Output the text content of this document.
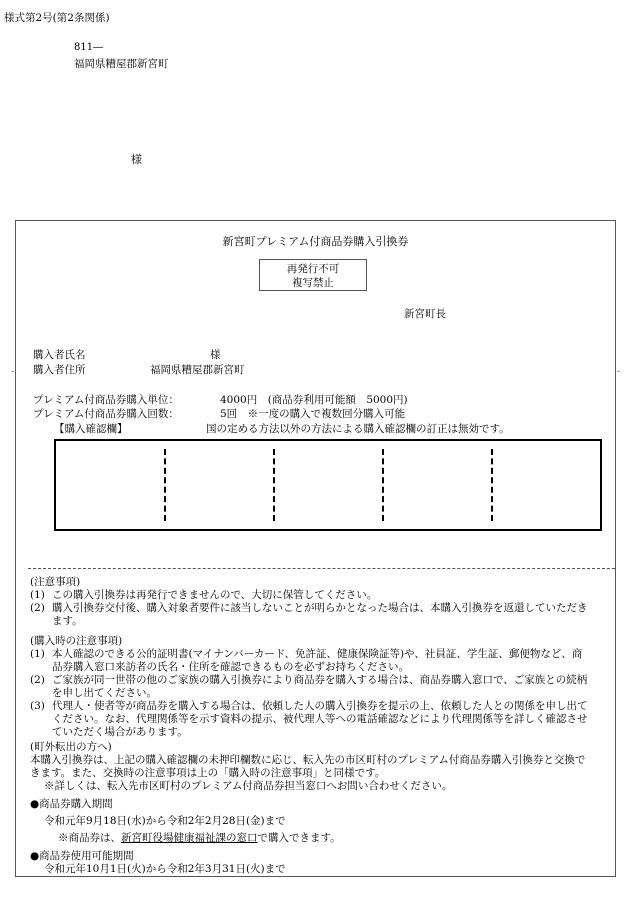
様式第2号(第2条関係)
811―
福岡県糟屋郡新宮町
様
新宮町プレミアム付商品券購入引換券
再発行不可
複写禁止
新宮町長
-	-
購入者氏名	様
購入者住所	福岡県糟屋郡新宮町
プレミアム付商品券購入単位：	4000円　(商品券利用可能額　5000円)
プレミアム付商品券購入回数：	5回　※一度の購入で複数回分購入可能
【購入確認欄】	国の定める方法以外の方法による購入確認欄の訂正は無効です。
(注意事項)
(1) この購入引換券は再発行できませんので、大切に保管してください。
(2) 購入引換券交付後、購入対象者要件に該当しないことが明らかとなった場合は、本購入引換券を返還していただきます。
(購入時の注意事項)
(1) 本人確認のできる公的証明書(マイナンバーカード、免許証、健康保険証等)や、社員証、学生証、郵便物など、商品券購入窓口来訪者の氏名・住所を確認できるものを必ずお持ちください。
(2) ご家族が同一世帯の他のご家族の購入引換券により商品券を購入する場合は、商品券購入窓口で、ご家族との続柄を申し出てください。
(3) 代理人・使者等が商品券を購入する場合は、依頼した人の購入引換券を提示の上、依頼した人との関係を申し出てください。なお、代理関係等を示す資料の提示、被代理人等への電話確認などにより代理関係等を詳しく確認させていただく場合があります。
(町外転出の方へ)
本購入引換券は、上記の購入確認欄の未押印欄数に応じ、転入先の市区町村のプレミアム付商品券購入引換券と交換できます。また、交換時の注意事項は上の「購入時の注意事項」と同様です。
※詳しくは、転入先市区町村のプレミアム付商品券担当窓口へお問い合わせください。
●商品券購入期間
令和元年9月18日(水)から令和2年2月28日(金)まで
※商品券は、新宮町役場健康福祉課の窓口で購入できます。
●商品券使用可能期間
令和元年10月1日(火)から令和2年3月31日(火)まで
